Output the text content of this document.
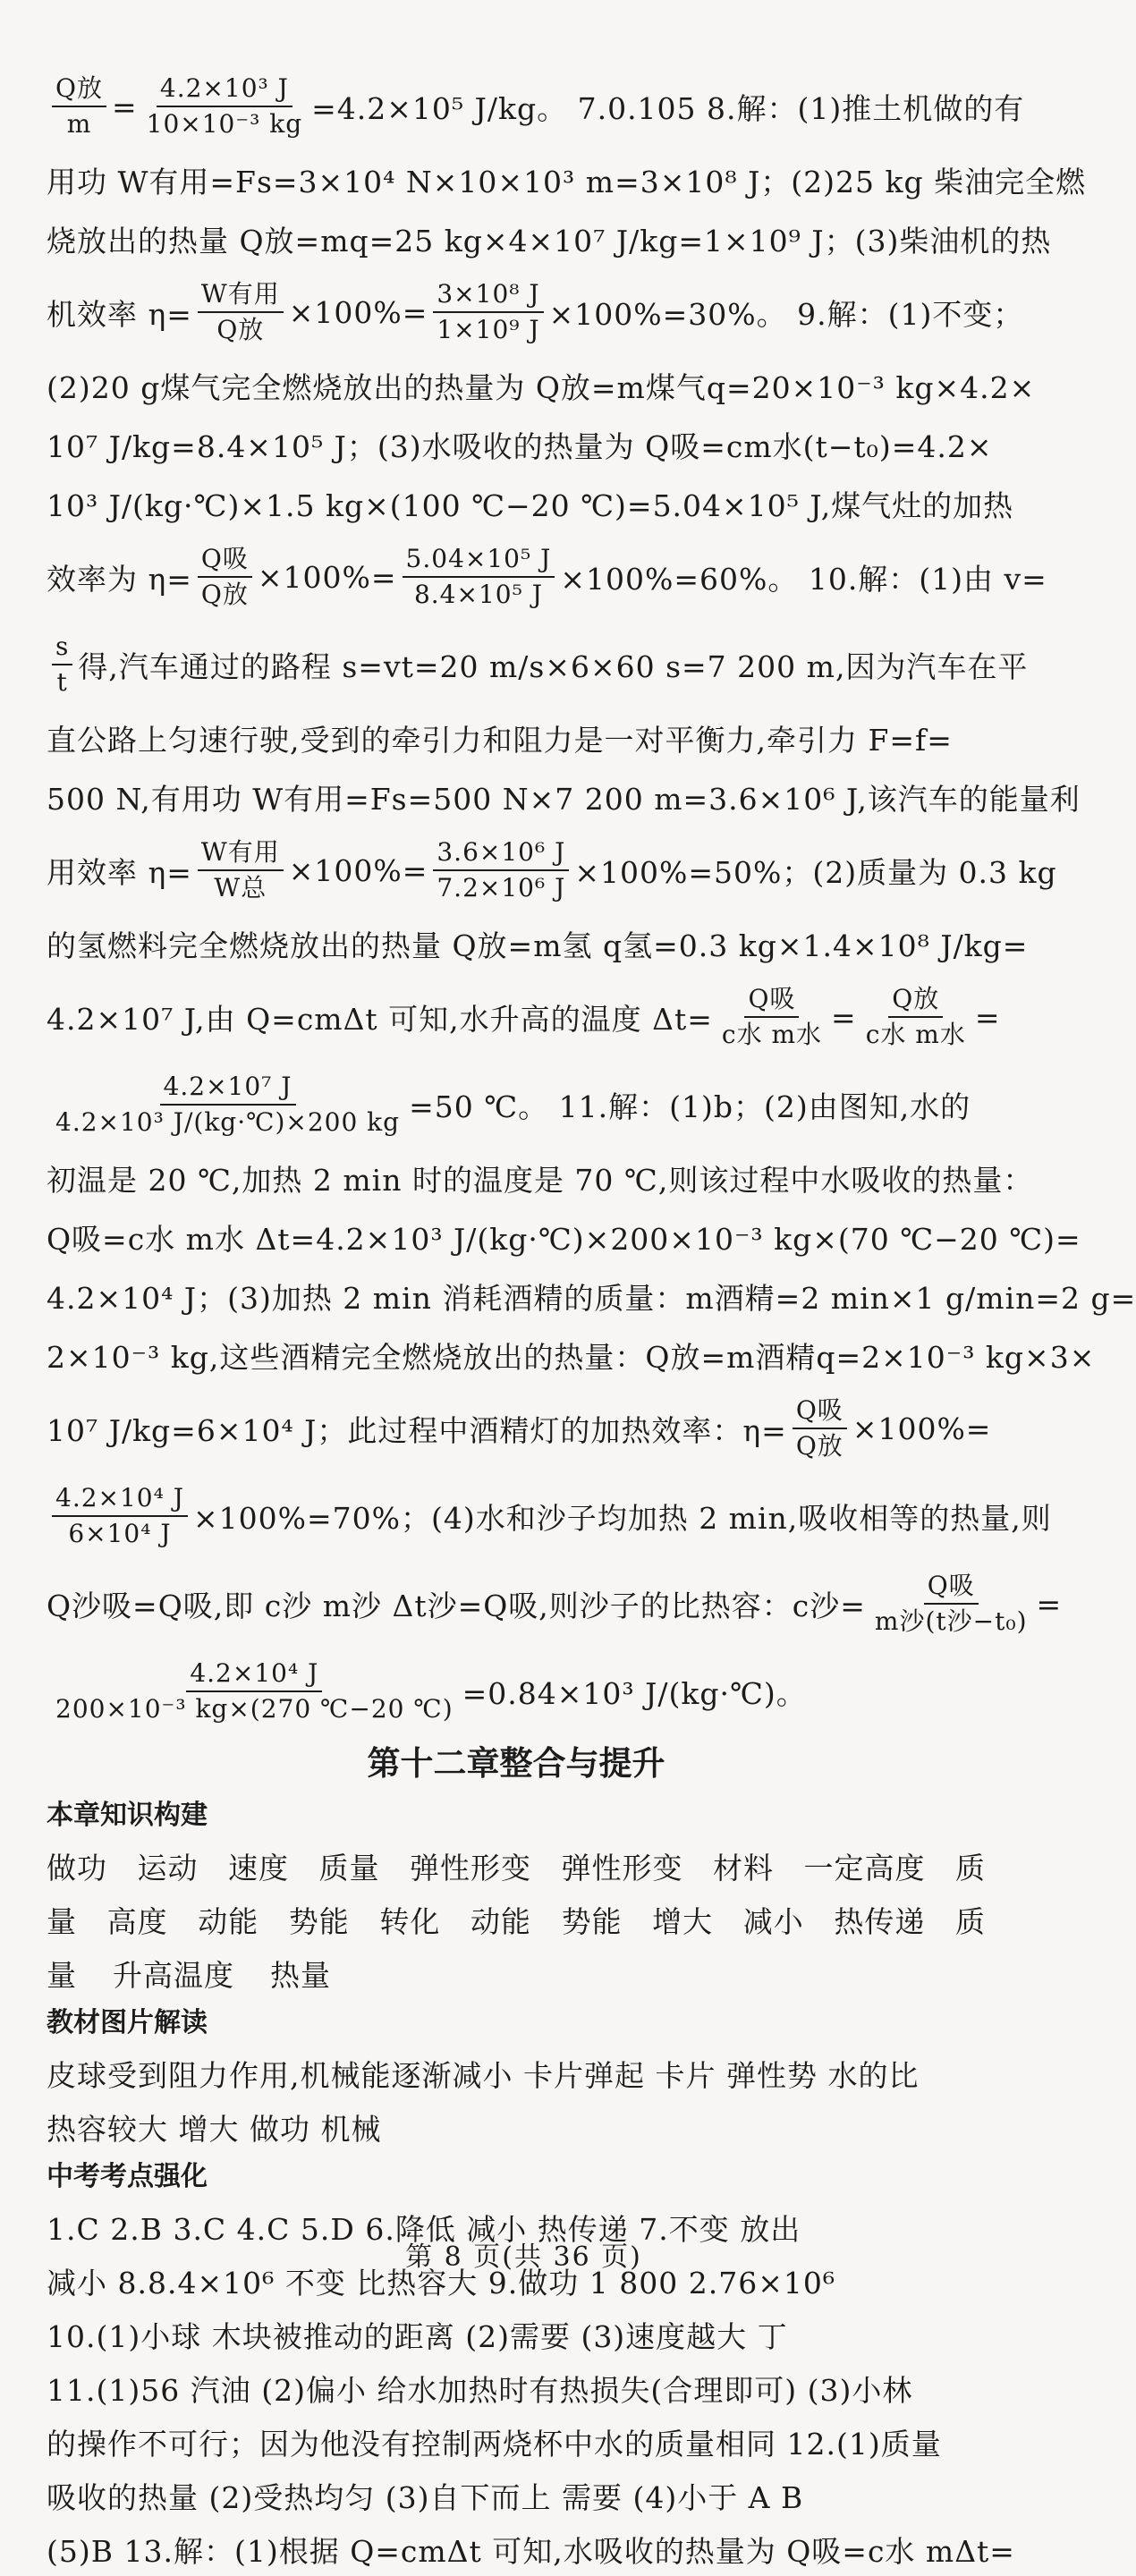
$\frac{\text{Q放}}{m} = \frac{\text{4.2×10³ J}}{\text{10×10⁻³ kg}} =4.2\times 10^5$ J/kg。 7.0.105 8.解：(1)推土机做的有
用功 W有用=Fs=3×10⁴ N×10×10³ m=3×10⁸ J；(2)25 kg 柴油完全燃
烧放出的热量 Q放=mq=25 kg×4×10⁷ J/kg=1×10⁹ J；(3)柴油机的热
机效率 $\eta= \frac{\text{W有用}}{\text{Q放}} \times 100\%= \frac{\text{3×10⁸ J}}{\text{1×10⁹ J}} \times 100\%=30\%$。 9.解：(1)不变；
(2)20 g煤气完全燃烧放出的热量为 Q放=m煤气q=20×10⁻³ kg×4.2×
10⁷ J/kg=8.4×10⁵ J；(3)水吸收的热量为 Q吸=cm水(t−t₀)=4.2×
10³ J/(kg·℃)×1.5 kg×(100 ℃−20 ℃)=5.04×10⁵ J,煤气灶的加热
效率为 $\eta= \frac{\text{Q吸}}{\text{Q放}} \times 100\%= \frac{\text{5.04×10⁵ J}}{\text{8.4×10⁵ J}} \times 100\%=60\%$。 10.解：(1)由 v=
$\frac{s}{t}$ 得,汽车通过的路程 s=vt=20 m/s×6×60 s=7 200 m,因为汽车在平
直公路上匀速行驶,受到的牵引力和阻力是一对平衡力,牵引力 F=f=
500 N,有用功 W有用=Fs=500 N×7 200 m=3.6×10⁶ J,该汽车的能量利
用效率 $\eta= \frac{\text{W有用}}{\text{W总}} \times 100\%= \frac{\text{3.6×10⁶ J}}{\text{7.2×10⁶ J}} \times 100\%=50\%$；(2)质量为 0.3 kg
的氢燃料完全燃烧放出的热量 Q放=m氢 q氢=0.3 kg×1.4×10⁸ J/kg=
4.2×10⁷ J,由 Q=cmΔt 可知,水升高的温度 $\Delta t= \frac{\text{Q吸}}{\text{c水 m水}} = \frac{\text{Q放}}{\text{c水 m水}}$ =
$\frac{\text{4.2×10⁷ J}}{\text{4.2×10³ J/(kg·℃)×200 kg}} =50$ ℃。 11.解：(1)b；(2)由图知,水的
初温是 20 ℃,加热 2 min 时的温度是 70 ℃,则该过程中水吸收的热量：
Q吸=c水 m水 Δt=4.2×10³ J/(kg·℃)×200×10⁻³ kg×(70 ℃−20 ℃)=
4.2×10⁴ J；(3)加热 2 min 消耗酒精的质量：m酒精=2 min×1 g/min=2 g=
2×10⁻³ kg,这些酒精完全燃烧放出的热量：Q放=m酒精q=2×10⁻³ kg×3×
10⁷ J/kg=6×10⁴ J；此过程中酒精灯的加热效率：$\eta= \frac{\text{Q吸}}{\text{Q放}} \times 100\%=$
$\frac{\text{4.2×10⁴ J}}{\text{6×10⁴ J}} \times 100\%=70\%$；(4)水和沙子均加热 2 min,吸收相等的热量,则
Q沙吸=Q吸,即 c沙 m沙 Δt沙=Q吸,则沙子的比热容：c沙= $\frac{\text{Q吸}}{\text{m沙(t沙−t₀)}}$ =
$\frac{\text{4.2×10⁴ J}}{\text{200×10⁻³ kg×(270 ℃−20 ℃)}} =0.84\times 10^3$ J/(kg·℃)。
第十二章整合与提升
本章知识构建
做功 运动 速度 质量 弹性形变 弹性形变 材料 一定高度 质
量 高度 动能 势能 转化 动能 势能 增大 减小 热传递 质
量 升高温度 热量
教材图片解读
皮球受到阻力作用,机械能逐渐减小 卡片弹起 卡片 弹性势 水的比
热容较大 增大 做功 机械
中考考点强化
1.C 2.B 3.C 4.C 5.D 6.降低 减小 热传递 7.不变 放出
减小 8.8.4×10⁶ 不变 比热容大 9.做功 1 800 2.76×10⁶
10.(1)小球 木块被推动的距离 (2)需要 (3)速度越大 丁
11.(1)56 汽油 (2)偏小 给水加热时有热损失(合理即可) (3)小林
的操作不可行；因为他没有控制两烧杯中水的质量相同 12.(1)质量
吸收的热量 (2)受热均匀 (3)自下而上 需要 (4)小于 A B
(5)B 13.解：(1)根据 Q=cmΔt 可知,水吸收的热量为 Q吸=c水 mΔt=
第 8 页(共 36 页)
